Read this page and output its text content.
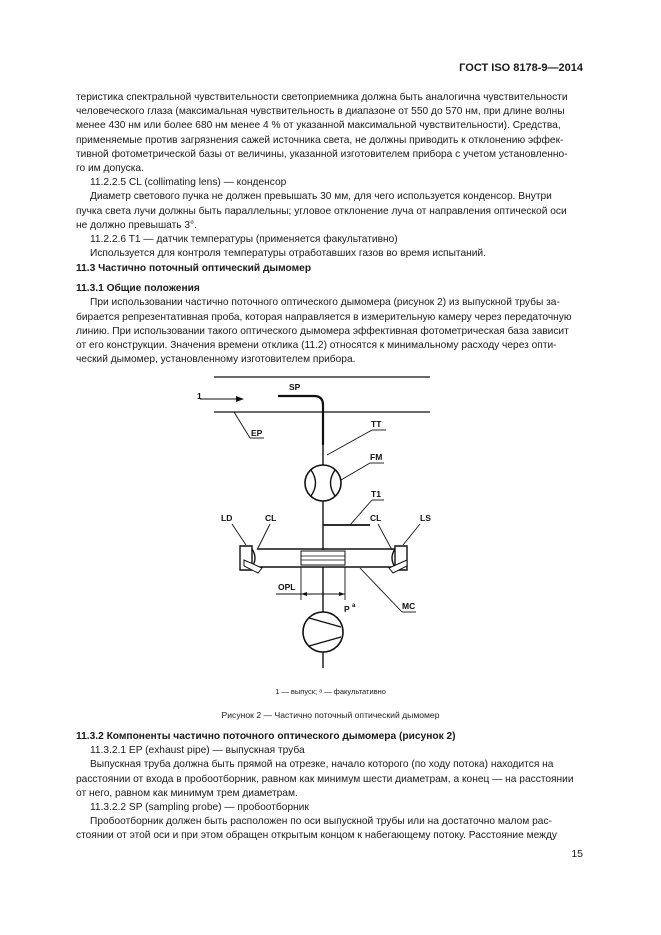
ГОСТ ISO 8178-9—2014

теристика спектральной чувствительности светоприемника должна быть аналогична чувствительности

человеческого глаза (максимальная чувствительность в диапазоне от 550 до 570 нм, при длине волны

менее 430 нм или более 680 нм менее 4 % от указанной максимальной чувствительности). Средства,

применяемые против загрязнения сажей источника света, не должны приводить к отклонению эффек-

тивной фотометрической базы от величины, указанной изготовителем прибора с учетом установленно-

го им допуска.

11.2.2.5 CL (collimating lens) — конденсор

Диаметр светового пучка не должен превышать 30 мм, для чего используется конденсор. Внутри

пучка света лучи должны быть параллельны; угловое отклонение луча от направления оптической оси

не должно превышать 3°.

11.2.2.6 T1 — датчик температуры (применяется факультативно)

Используется для контроля температуры отработавших газов во время испытаний.

11.3 Частично поточный оптический дымомер

11.3.1 Общие положения

При использовании частично поточного оптического дымомера (рисунок 2) из выпускной трубы за-

бирается репрезентативная проба, которая направляется в измерительную камеру через передаточную

линию. При использовании такого оптического дымомера эффективная фотометрическая база зависит

от его конструкции. Значения времени отклика (11.2) относятся к минимальному расходу через опти-

ческий дымомер, установленному изготовителем прибора.

1
SP
EP
TT
FM
T1
LD	CL	CL	LS
OPL
P a	MC
1 — выпуск; ᵃ — факультативно
Рисунок 2 — Частично поточный оптический дымомер

11.3.2 Компоненты частично поточного оптического дымомера (рисунок 2)

11.3.2.1 EP (exhaust pipe) — выпускная труба

Выпускная труба должна быть прямой на отрезке, начало которого (по ходу потока) находится на

расстоянии от входа в пробоотборник, равном как минимум шести диаметрам, а конец — на расстоянии

от него, равном как минимум трем диаметрам.

11.3.2.2 SP (sampling probe) — пробоотборник

Пробоотборник должен быть расположен по оси выпускной трубы или на достаточно малом рас-

стоянии от этой оси и при этом обращен открытым концом к набегающему потоку. Расстояние между

15
